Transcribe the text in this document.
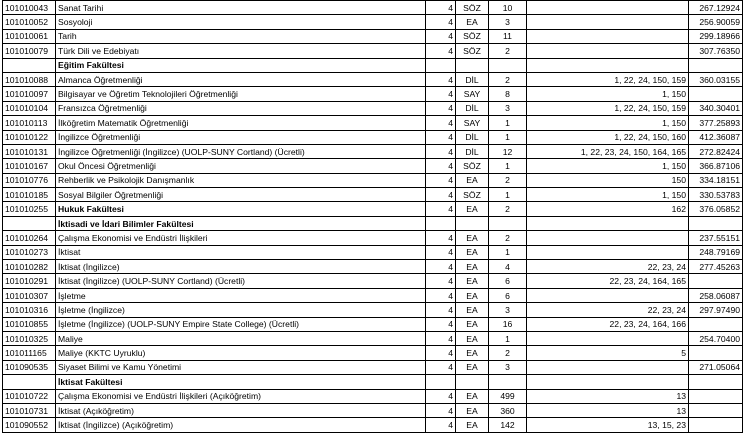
101010043	Sanat Tarihi	4	SÖZ	10		267.12924
101010052	Sosyoloji	4	EA	3		256.90059
101010061	Tarih	4	SÖZ	11		299.18966
101010079	Türk Dili ve Edebiyatı	4	SÖZ	2		307.76350
	Eğitim Fakültesi					
101010088	Almanca Öğretmenliği	4	DİL	2	1, 22, 24, 150, 159	360.03155
101010097	Bilgisayar ve Öğretim Teknolojileri Öğretmenliği	4	SAY	8	1, 150	
101010104	Fransızca Öğretmenliği	4	DİL	3	1, 22, 24, 150, 159	340.30401
101010113	İlköğretim Matematik Öğretmenliği	4	SAY	1	1, 150	377.25893
101010122	İngilizce Öğretmenliği	4	DİL	1	1, 22, 24, 150, 160	412.36087
101010131	İngilizce Öğretmenliği (İngilizce) (UOLP-SUNY Cortland) (Ücretli)	4	DİL	12	1, 22, 23, 24, 150, 164, 165	272.82424
101010167	Okul Öncesi Öğretmenliği	4	SÖZ	1	1, 150	366.87106
101010776	Rehberlik ve Psikolojik Danışmanlık	4	EA	2	150	334.18151
101010185	Sosyal Bilgiler Öğretmenliği	4	SÖZ	1	1, 150	330.53783
101010255	Hukuk Fakültesi	4	EA	2	162	376.05852
	İktisadi ve İdari Bilimler Fakültesi					
101010264	Çalışma Ekonomisi ve Endüstri İlişkileri	4	EA	2		237.55151
101010273	İktisat	4	EA	1		248.79169
101010282	İktisat (İngilizce)	4	EA	4	22, 23, 24	277.45263
101010291	İktisat (İngilizce) (UOLP-SUNY Cortland) (Ücretli)	4	EA	6	22, 23, 24, 164, 165	
101010307	İşletme	4	EA	6		258.06087
101010316	İşletme (İngilizce)	4	EA	3	22, 23, 24	297.97490
101010855	İşletme (İngilizce) (UOLP-SUNY Empire State College) (Ücretli)	4	EA	16	22, 23, 24, 164, 166	
101010325	Maliye	4	EA	1		254.70400
101011165	Maliye (KKTC Uyruklu)	4	EA	2	5	
101090535	Siyaset Bilimi ve Kamu Yönetimi	4	EA	3		271.05064
	İktisat Fakültesi					
101010722	Çalışma Ekonomisi ve Endüstri İlişkileri (Açıköğretim)	4	EA	499	13	
101010731	İktisat (Açıköğretim)	4	EA	360	13	
101090552	İktisat (İngilizce) (Açıköğretim)	4	EA	142	13, 15, 23	
